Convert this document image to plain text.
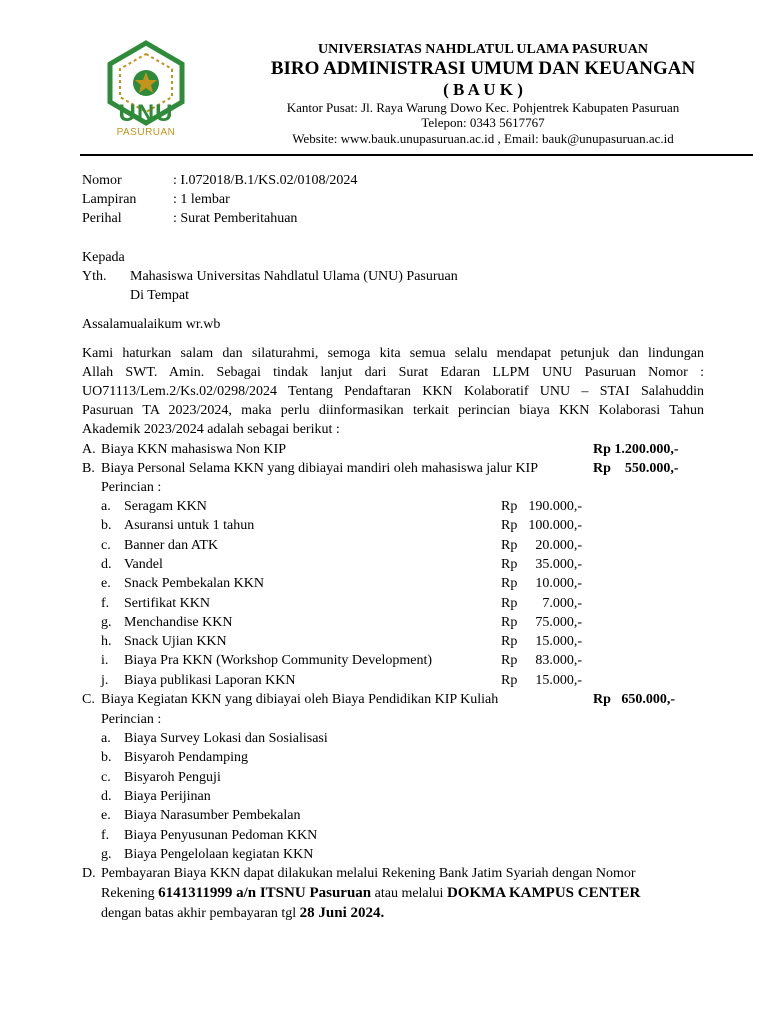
UNU
PASURUAN
UNIVERSIATAS NAHDLATUL ULAMA PASURUAN
BIRO ADMINISTRASI UMUM DAN KEUANGAN
( B A U K )
Kantor Pusat: Jl. Raya Warung Dowo Kec. Pohjentrek Kabupaten Pasuruan
Telepon: 0343 5617767
Website: www.bauk.unupasuruan.ac.id , Email: bauk@unupasuruan.ac.id
Nomor	: I.072018/B.1/KS.02/0108/2024
Lampiran	: 1 lembar
Perihal	: Surat Pemberitahuan
Kepada
Yth. Mahasiswa Universitas Nahdlatul Ulama (UNU) Pasuruan
Di Tempat
Assalamualaikum wr.wb
Kami haturkan salam dan silaturahmi, semoga kita semua selalu mendapat petunjuk dan lindungan
Allah SWT. Amin. Sebagai tindak lanjut dari Surat Edaran LLPM UNU Pasuruan Nomor :
UO71113/Lem.2/Ks.02/0298/2024 Tentang Pendaftaran KKN Kolaboratif UNU – STAI Salahuddin
Pasuruan TA 2023/2024, maka perlu diinformasikan terkait perincian biaya KKN Kolaborasi Tahun
Akademik 2023/2024 adalah sebagai berikut :
A. Biaya KKN mahasiswa Non KIP	Rp 1.200.000,-
B. Biaya Personal Selama KKN yang dibiayai mandiri oleh mahasiswa jalur KIP	Rp    550.000,-
Perincian :
a. Seragam KKN	Rp 190.000,-
b. Asuransi untuk 1 tahun	Rp 100.000,-
c. Banner dan ATK	Rp	20.000,-
d. Vandel	Rp	35.000,-
e. Snack Pembekalan KKN	Rp	10.000,-
f. Sertifikat KKN	Rp	7.000,-
g. Menchandise KKN	Rp	75.000,-
h. Snack Ujian KKN	Rp	15.000,-
i. Biaya Pra KKN (Workshop Community Development)	Rp	83.000,-
j. Biaya publikasi Laporan KKN	Rp	15.000,-
C. Biaya Kegiatan KKN yang dibiayai oleh Biaya Pendidikan KIP Kuliah	Rp   650.000,-
Perincian :
a. Biaya Survey Lokasi dan Sosialisasi
b. Bisyaroh Pendamping
c. Bisyaroh Penguji
d. Biaya Perijinan
e. Biaya Narasumber Pembekalan
f. Biaya Penyusunan Pedoman KKN
g. Biaya Pengelolaan kegiatan KKN
D. Pembayaran Biaya KKN dapat dilakukan melalui Rekening Bank Jatim Syariah dengan Nomor
Rekening 6141311999 a/n ITSNU Pasuruan atau melalui DOKMA KAMPUS CENTER
dengan batas akhir pembayaran tgl 28 Juni 2024.
